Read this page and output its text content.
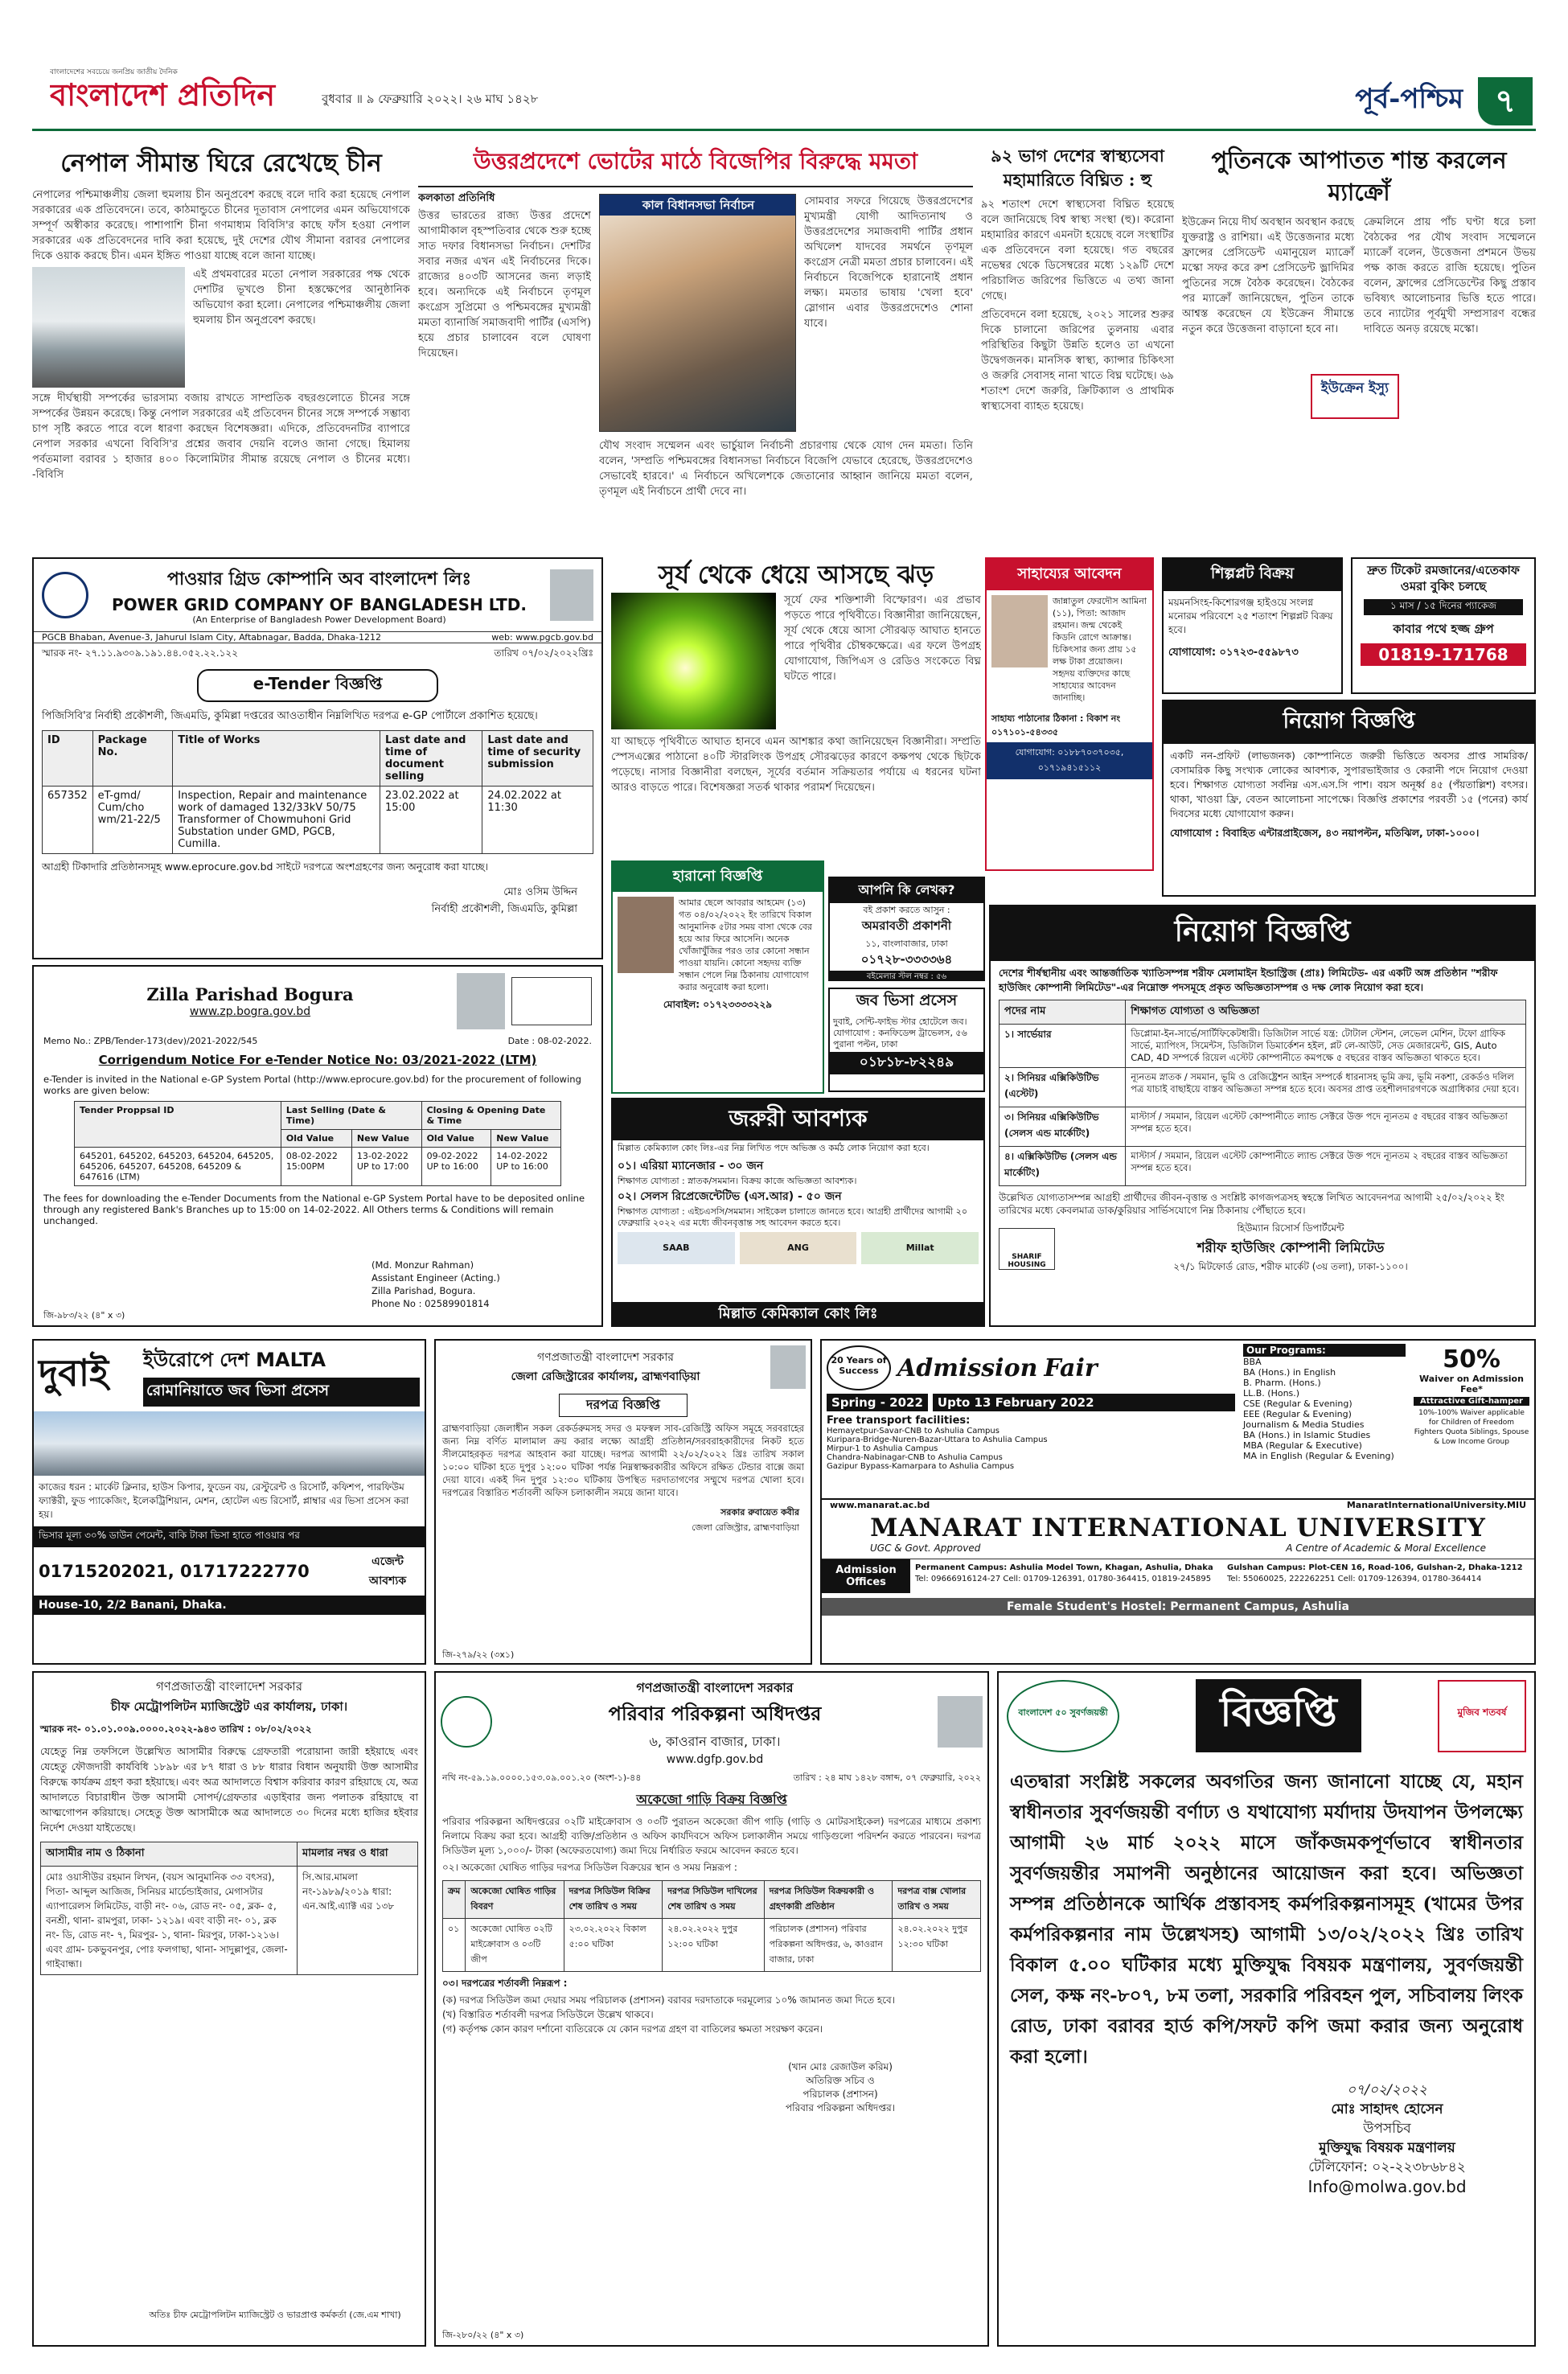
বাংলাদেশের সবচেয়ে জনপ্রিয় জাতীয় দৈনিক
বাংলাদেশ প্রতিদিন	বুধবার ॥ ৯ ফেব্রুয়ারি ২০২২। ২৬ মাঘ ১৪২৮	পূর্ব-পশ্চিম ৭
নেপাল সীমান্ত ঘিরে রেখেছে চীন
নেপালের পশ্চিমাঞ্চলীয় জেলা হুমলায় চীন অনুপ্রবেশ করছে বলে দাবি করা হয়েছে নেপাল সরকারের এক প্রতিবেদনে। তবে, কাঠমান্ডুতে চীনের দূতাবাস নেপালের এমন অভিযোগকে সম্পূর্ণ অস্বীকার করেছে। পাশাপাশি চীনা গণমাধ্যম বিবিসি'র কাছে ফাঁস হওয়া নেপাল সরকারের এক প্রতিবেদনের দাবি করা হয়েছে, দুই দেশের যৌথ সীমানা বরাবর নেপালের দিকে ওয়াক করছে চীন। এমন ইঙ্গিত পাওয়া যাচ্ছে বলে জানা যাচ্ছে।
এই প্রথমবারের মতো নেপাল সরকারের পক্ষ থেকে দেশটির ভূখণ্ডে চীনা হস্তক্ষেপের আনুষ্ঠানিক অভিযোগ করা হলো। নেপালের পশ্চিমাঞ্চলীয় জেলা হুমলায় চীন অনুপ্রবেশ করছে।
সঙ্গে দীর্ঘস্থায়ী সম্পর্কের ভারসাম্য বজায় রাখতে সাম্প্রতিক বছরগুলোতে চীনের সঙ্গে সম্পর্কের উন্নয়ন করেছে। কিন্তু নেপাল সরকারের এই প্রতিবেদন চীনের সঙ্গে সম্পর্কে সম্ভাব্য চাপ সৃষ্টি করতে পারে বলে ধারণা করছেন বিশেষজ্ঞরা। এদিকে, প্রতিবেদনটির ব্যাপারে নেপাল সরকার এখনো বিবিসি'র প্রশ্নের জবাব দেয়নি বলেও জানা গেছে। হিমালয় পর্বতমালা বরাবর ১ হাজার ৪০০ কিলোমিটার সীমান্ত রয়েছে নেপাল ও চীনের মধ্যে। -বিবিসি
উত্তরপ্রদেশে ভোটের মাঠে বিজেপির বিরুদ্ধে মমতা
কলকাতা প্রতিনিধি
উত্তর ভারতের রাজ্য উত্তর প্রদেশে আগামীকাল বৃহস্পতিবার থেকে শুরু হচ্ছে সাত দফার বিধানসভা নির্বাচন। দেশটির সবার নজর এখন এই নির্বাচনের দিকে। রাজ্যের ৪০৩টি আসনের জন্য লড়াই হবে। অন্যদিকে এই নির্বাচনে তৃণমূল কংগ্রেস সুপ্রিমো ও পশ্চিমবঙ্গের মুখ্যমন্ত্রী মমতা ব্যানার্জি সমাজবাদী পার্টির (এসপি) হয়ে প্রচার চালাবেন বলে ঘোষণা দিয়েছেন।
কাল বিধানসভা নির্বাচন	সোমবার সফরে গিয়েছে উত্তরপ্রদেশের মুখ্যমন্ত্রী যোগী আদিত্যনাথ ও উত্তরপ্রদেশের সমাজবাদী পার্টির প্রধান অখিলেশ যাদবের সমর্থনে তৃণমূল কংগ্রেস নেত্রী মমতা প্রচার চালাবেন। এই নির্বাচনে বিজেপিকে হারানোই প্রধান লক্ষ্য। মমতার ভাষায় 'খেলা হবে' স্লোগান এবার উত্তরপ্রদেশেও শোনা যাবে।
যৌথ সংবাদ সম্মেলন এবং ভার্চুয়াল নির্বাচনী প্রচারণায় থেকে যোগ দেন মমতা। তিনি বলেন, 'সম্প্রতি পশ্চিমবঙ্গের বিধানসভা নির্বাচনে বিজেপি যেভাবে হেরেছে, উত্তরপ্রদেশেও সেভাবেই হারবে।' এ নির্বাচনে অখিলেশকে জেতানোর আহ্বান জানিয়ে মমতা বলেন, তৃণমূল এই নির্বাচনে প্রার্থী দেবে না।
৯২ ভাগ দেশের স্বাস্থ্যসেবা মহামারিতে বিঘ্নিত : হু
৯২ শতাংশ দেশে স্বাস্থ্যসেবা বিঘ্নিত হয়েছে বলে জানিয়েছে বিশ্ব স্বাস্থ্য সংস্থা (হু)। করোনা মহামারির কারণে এমনটা হয়েছে বলে সংস্থাটির এক প্রতিবেদনে বলা হয়েছে। গত বছরের নভেম্বর থেকে ডিসেম্বরের মধ্যে ১২৯টি দেশে পরিচালিত জরিপের ভিত্তিতে এ তথ্য জানা গেছে।
প্রতিবেদনে বলা হয়েছে, ২০২১ সালের শুরুর দিকে চালানো জরিপের তুলনায় এবার পরিস্থিতির কিছুটা উন্নতি হলেও তা এখনো উদ্বেগজনক। মানসিক স্বাস্থ্য, ক্যান্সার চিকিৎসা ও জরুরি সেবাসহ নানা খাতে বিঘ্ন ঘটেছে। ৬৯ শতাংশ দেশে জরুরি, ক্রিটিক্যাল ও প্রাথমিক স্বাস্থ্যসেবা ব্যাহত হয়েছে।
পুতিনকে আপাতত শান্ত করলেন ম্যাক্রোঁ
ইউক্রেন নিয়ে দীর্ঘ অবস্থান অবস্থান করছে যুক্তরাষ্ট্র ও রাশিয়া। এই উত্তেজনার মধ্যে ফ্রান্সের প্রেসিডেন্ট এমানুয়েল ম্যাক্রোঁ মস্কো সফর করে রুশ প্রেসিডেন্ট ভ্লাদিমির পুতিনের সঙ্গে বৈঠক করেছেন। বৈঠকের পর ম্যাক্রোঁ জানিয়েছেন, পুতিন তাকে আশ্বস্ত করেছেন যে ইউক্রেন সীমান্তে নতুন করে উত্তেজনা বাড়ানো হবে না।
ক্রেমলিনে প্রায় পাঁচ ঘণ্টা ধরে চলা বৈঠকের পর যৌথ সংবাদ সম্মেলনে ম্যাক্রোঁ বলেন, উত্তেজনা প্রশমনে উভয় পক্ষ কাজ করতে রাজি হয়েছে। পুতিন বলেন, ফ্রান্সের প্রেসিডেন্টের কিছু প্রস্তাব ভবিষ্যৎ আলোচনার ভিত্তি হতে পারে। তবে ন্যাটোর পূর্বমুখী সম্প্রসারণ বন্ধের দাবিতে অনড় রয়েছে মস্কো।
ইউক্রেন ইস্যু
পাওয়ার গ্রিড কোম্পানি অব বাংলাদেশ লিঃ
POWER GRID COMPANY OF BANGLADESH LTD.
(An Enterprise of Bangladesh Power Development Board)
PGCB Bhaban, Avenue-3, Jahurul Islam City, Aftabnagar, Badda, Dhaka-1212	web: www.pgcb.gov.bd
স্মারক নং- ২৭.১১.৯৩০৯.১৯১.৪৪.০৫২.২২.১২২	তারিখ ০৭/০২/২০২২খ্রিঃ
e-Tender বিজ্ঞপ্তি
পিজিসিবি'র নির্বাহী প্রকৌশলী, জিএমডি, কুমিল্লা দপ্তরের আওতাধীন নিম্নলিখিত দরপত্র e-GP পোর্টালে প্রকাশিত হয়েছে।
ID	Package No.	Title of Works	Last date and time of document selling	Last date and time of security submission
657352	eT-gmd/ Cum/cho wm/21-22/5	Inspection, Repair and maintenance work of damaged 132/33kV 50/75 Transformer of Chowmuhoni Grid Substation under GMD, PGCB, Cumilla.	23.02.2022 at 15:00	24.02.2022 at 11:30
আগ্রহী টিকাদারি প্রতিষ্ঠানসমূহ www.eprocure.gov.bd সাইটে দরপত্রে অংশগ্রহণের জন্য অনুরোধ করা যাচ্ছে।
মোঃ ওসিম উদ্দিন
নির্বাহী প্রকৌশলী, জিএমডি, কুমিল্লা
সূর্য থেকে ধেয়ে আসছে ঝড়
সূর্যে ফের শক্তিশালী বিস্ফোরণ। এর প্রভাব পড়তে পারে পৃথিবীতে। বিজ্ঞানীরা জানিয়েছেন, সূর্য থেকে ধেয়ে আসা সৌরঝড় আঘাত হানতে পারে পৃথিবীর চৌম্বকক্ষেত্রে। এর ফলে উপগ্রহ যোগাযোগ, জিপিএস ও রেডিও সংকেতে বিঘ্ন ঘটতে পারে।
যা আছড়ে পৃথিবীতে আঘাত হানবে এমন আশঙ্কার কথা জানিয়েছেন বিজ্ঞানীরা। সম্প্রতি স্পেসএক্সের পাঠানো ৪০টি স্টারলিংক উপগ্রহ সৌরঝড়ের কারণে কক্ষপথ থেকে ছিটকে পড়েছে। নাসার বিজ্ঞানীরা বলছেন, সূর্যের বর্তমান সক্রিয়তার পর্যায়ে এ ধরনের ঘটনা আরও বাড়তে পারে। বিশেষজ্ঞরা সতর্ক থাকার পরামর্শ দিয়েছেন।
সাহায্যের আবেদন
জান্নাতুল ফেরদৌস আমিনা (১১), পিতা: আজাদ রহমান। জন্ম থেকেই কিডনি রোগে আক্রান্ত। চিকিৎসার জন্য প্রায় ১৫ লক্ষ টাকা প্রয়োজন। সহৃদয় ব্যক্তিদের কাছে সাহায্যের আবেদন জানাচ্ছি।
সাহায্য পাঠানোর ঠিকানা : বিকাশ নং ০১৭১০১-৫৪৩৩৫
যোগাযোগ: ০১৮৮৭০৩৭০৩৫, ০১৭১৯৪১৫১১২
শিল্পপ্লট বিক্রয়
ময়মনসিংহ-কিশোরগঞ্জ হাইওয়ে সংলগ্ন মনোরম পরিবেশে ২৫ শতাংশ শিল্পপ্লট বিক্রয় হবে।
যোগাযোগ: ০১৭২৩-৫৫৯৮৭৩
দ্রুত টিকেট রমজানের/এতেকাফ ওমরা বুকিং চলছে
১ মাস / ১৫ দিনের প্যাকেজ
কাবার পথে হজ্জ গ্রুপ
01819-171768
নিয়োগ বিজ্ঞপ্তি
একটি নন-প্রফিট (লাভজনক) কোম্পানিতে জরুরী ভিত্তিতে অবসর প্রাপ্ত সামরিক/বেসামরিক কিছু সংখ্যক লোকের আবশ্যক, সুপারভাইজার ও কেরানী পদে নিয়োগ দেওয়া হবে। শিক্ষাগত যোগ্যতা সর্বনিম্ন এস.এস.সি পাশ। বয়স অনূর্ধ্ব ৪৫ (পঁয়তাল্লিশ) বৎসর। থাকা, খাওয়া ফ্রি, বেতন আলোচনা সাপেক্ষে। বিজ্ঞপ্তি প্রকাশের পরবর্তী ১৫ (পনের) কার্য দিবসের মধ্যে যোগাযোগ করুন।
যোগাযোগ : বিবাহিত এন্টারপ্রাইজেস, ৪৩ নয়াপল্টন, মতিঝিল, ঢাকা-১০০০।
হারানো বিজ্ঞপ্তি
আমার ছেলে আবরার আহমেদ (১৩) গত ০৪/০২/২০২২ ইং তারিখে বিকাল আনুমানিক ৫টার সময় বাসা থেকে বের হয়ে আর ফিরে আসেনি। অনেক খোঁজাখুঁজির পরও তার কোনো সন্ধান পাওয়া যায়নি। কোনো সহৃদয় ব্যক্তি সন্ধান পেলে নিম্ন ঠিকানায় যোগাযোগ করার অনুরোধ করা হলো।
মোবাইল: ০১৭২৩৩৩৩২২৯
আপনি কি লেখক?
বই প্রকাশ করতে আসুন :
অমরাবতী প্রকাশনী
১১, বাংলাবাজার, ঢাকা
০১৭২৮-৩৩৩৩৬৪
বইমেলার স্টল নম্বর : ৫৬
জব ভিসা প্রসেস
দুবাই, সেন্টি-ফাইভ স্টার হোটেলে জব। যোগাযোগ : কনফিডেন্স ট্রাভেলস, ৫৬ পুরানা পল্টন, ঢাকা
০১৮১৮-৮২২৪৯
Zilla Parishad Bogura
www.zp.bogra.gov.bd
Memo No.: ZPB/Tender-173(dev)/2021-2022/545	Date : 08-02-2022.
Corrigendum Notice For e-Tender Notice No: 03/2021-2022 (LTM)
e-Tender is invited in the National e-GP System Portal (http://www.eprocure.gov.bd) for the procurement of following works are given below:
Tender Proppsal ID	Last Selling (Date & Time)		Closing & Opening Date & Time	
	Old Value	New Value	Old Value	New Value
645201, 645202, 645203, 645204, 645205, 645206, 645207, 645208, 645209 & 647616 (LTM)	08-02-2022 15:00PM	13-02-2022 UP to 17:00	09-02-2022 UP to 16:00	14-02-2022 UP to 16:00
The fees for downloading the e-Tender Documents from the National e-GP System Portal have to be deposited online through any registered Bank's Branches up to 15:00 on 14-02-2022. All Others terms & Conditions will remain unchanged.
(Md. Monzur Rahman)
Assistant Engineer (Acting.)
Zilla Parishad, Bogura.
Phone No : 02589901814
জি-৯৮৩/২২ (৪" x ৩)
জরুরী আবশ্যক
মিল্লাত কেমিক্যাল কোং লিঃ-এর নিম্ন লিখিত পদে অভিজ্ঞ ও কর্মঠ লোক নিয়োগ করা হবে।
০১। এরিয়া ম্যানেজার - ৩০ জন
শিক্ষাগত যোগ্যতা : স্নাতক/সমমান। বিক্রয় কাজে অভিজ্ঞতা আবশ্যক।
০২। সেলস রিপ্রেজেন্টেটিভ (এস.আর) - ৫০ জন
শিক্ষাগত যোগ্যতা : এইচএসসি/সমমান। সাইকেল চালাতে জানতে হবে। আগ্রহী প্রার্থীদের আগামী ২০ ফেব্রুয়ারি ২০২২ এর মধ্যে জীবনবৃত্তান্ত সহ আবেদন করতে হবে।
SAAB	ANG	Millat
মিল্লাত কেমিক্যাল কোং লিঃ
নিয়োগ বিজ্ঞপ্তি
দেশের শীর্ষস্থানীয় এবং আন্তর্জাতিক খ্যাতিসম্পন্ন শরীফ মেলামাইন ইন্ডাস্ট্রিজ (প্রাঃ) লিমিটেড- এর একটি অঙ্গ প্রতিষ্ঠান "শরীফ হাউজিং কোম্পানী লিমিটেড"-এর নিম্নোক্ত পদসমূহে প্রকৃত অভিজ্ঞতাসম্পন্ন ও দক্ষ লোক নিয়োগ করা হবে।
পদের নাম	শিক্ষাগত যোগ্যতা ও অভিজ্ঞতা
১। সার্ভেয়ার	ডিপ্লোমা-ইন-সার্ভে/সার্টিফিকেটধারী। ডিজিটাল সার্ভে যন্ত্র: টোটাল স্টেশন, লেভেল মেশিন, টফো গ্রাফিক সার্ভে, ম্যাপিংস, সিমেন্টস, ডিজিটাল ডিমার্কেশন হইল, প্লট লে-আউট, সেড মেজারমেন্ট, GIS, Auto CAD, 4D সম্পর্কে রিয়েল এস্টেট কোম্পানীতে কমপক্ষে ৫ বছরের বাস্তব অভিজ্ঞতা থাকতে হবে।
২। সিনিয়র এক্সিকিউটিভ (এস্টেট)	ন্যূনতম স্নাতক / সমমান, ভূমি ও রেজিষ্ট্রেশন আইন সম্পর্কে ধারনাসহ ভূমি ক্রয়, ভূমি নকশা, রেকর্ডও দলিল পত্র যাচাই বাছাইয়ে বাস্তব অভিজ্ঞতা সম্পন্ন হতে হবে। অবসর প্রাপ্ত তহশীলদারগণকে অগ্রাধিকার দেয়া হবে।
৩। সিনিয়র এক্সিকিউটিভ (সেলস এন্ড মার্কেটিং)	মাস্টার্স / সমমান, রিয়েল এস্টেট কোম্পানীতে ল্যান্ড সেক্টরে উক্ত পদে ন্যূনতম ৫ বছরের বাস্তব অভিজ্ঞতা সম্পন্ন হতে হবে।
৪। এক্সিকিউটিভ (সেলস এন্ড মার্কেটিং)	মাস্টার্স / সমমান, রিয়েল এস্টেট কোম্পানীতে ল্যান্ড সেক্টরে উক্ত পদে ন্যূনতম ২ বছরের বাস্তব অভিজ্ঞতা সম্পন্ন হতে হবে।
উল্লেখিত যোগ্যতাসম্পন্ন আগ্রহী প্রার্থীদের জীবন-বৃত্তান্ত ও সংশ্লিষ্ট কাগজপত্রসহ স্বহস্তে লিখিত আবেদনপত্র আগামী ২৫/০২/২০২২ ইং তারিখের মধ্যে কেবলমাত্র ডাক/কুরিয়ার সার্ভিসযোগে নিম্ন ঠিকানায় পৌঁছাতে হবে।
SHARIF HOUSING
হিউম্যান রিসোর্স ডিপার্টমেন্ট
শরীফ হাউজিং কোম্পানী লিমিটেড
২৭/১ মিটফোর্ড রোড, শরীফ মার্কেট (৩য় তলা), ঢাকা-১১০০।
দুবাই	ইউরোপে দেশ MALTA
রোমানিয়াতে জব ভিসা প্রসেস
কাজের ধরন : মার্কেট ক্লিনার, হাউস কিপার, ফুডেন বয়, রেস্টুরেন্ট ও রিসোর্ট, কফিশপ, পারফিউম ফ্যাক্টরী, ফুড প্যাকেজিং, ইলেকট্রিশিয়ান, মেশন, হোটেল এন্ড রিসোর্ট, প্লাম্বার এর ভিসা প্রসেস করা হয়।
ভিসার মূল্য ৩০% ডাউন পেমেন্ট, বাকি টাকা ভিসা হাতে পাওয়ার পর
01715202021, 01717222770	এজেন্ট আবশ্যক
House-10, 2/2 Banani, Dhaka.
গণপ্রজাতন্ত্রী বাংলাদেশ সরকার
জেলা রেজিস্ট্রারের কার্যালয়, ব্রাহ্মণবাড়িয়া
দরপত্র বিজ্ঞপ্তি
ব্রাহ্মণবাড়িয়া জেলাধীন সকল রেকর্ডরুমসহ সদর ও মফস্বল সাব-রেজিস্ট্রি অফিস সমূহে সরবরাহের জন্য নিম্ন বর্ণিত মালামাল ক্রয় করার লক্ষ্যে আগ্রহী প্রতিষ্ঠান/সরবরাহকারীদের নিকট হতে সীলমোহরকৃত দরপত্র আহবান করা যাচ্ছে। দরপত্র আগামী ২২/০২/২০২২ খ্রিঃ তারিখ সকাল ১০:০০ ঘটিকা হতে দুপুর ১২:০০ ঘটিকা পর্যন্ত নিম্নস্বাক্ষরকারীর অফিসে রক্ষিত টেন্ডার বাক্সে জমা দেয়া যাবে। একই দিন দুপুর ১২:৩০ ঘটিকায় উপস্থিত দরদাতাগণের সম্মুখে দরপত্র খোলা হবে। দরপত্রের বিস্তারিত শর্তাবলী অফিস চলাকালীন সময়ে জানা যাবে।
সরকার রুবায়েত কবীর
জেলা রেজিস্ট্রার, ব্রাহ্মণবাড়িয়া
জি-২৭৯/২২ (৩x১)
20 Years of Success Admission Fair
Spring - 2022	Upto 13 February 2022
Free transport facilities:
Hemayetpur-Savar-CNB to Ashulia Campus
Kuripara-Bridge-Nuren-Bazar-Uttara to Ashulia Campus
Mirpur-1 to Ashulia Campus
Chandra-Nabinagar-CNB to Ashulia Campus
Gazipur Bypass-Kamarpara to Ashulia Campus
Our Programs:
BBA
BA (Hons.) in English
B. Pharm. (Hons.)
LL.B. (Hons.)
CSE (Regular & Evening)
EEE (Regular & Evening)
Journalism & Media Studies
BA (Hons.) in Islamic Studies
MBA (Regular & Executive)
MA in English (Regular & Evening)
50%
Waiver on Admission Fee*
Attractive Gift-hamper
10%-100% Waiver applicable for Children of Freedom Fighters Quota Siblings, Spouse & Low Income Group
www.manarat.ac.bd	ManaratInternationalUniversity.MIU
MANARAT INTERNATIONAL UNIVERSITY
UGC & Govt. Approved	A Centre of Academic & Moral Excellence
Admission Offices
Permanent Campus: Ashulia Model Town, Khagan, Ashulia, Dhaka
Tel: 09666916124-27 Cell: 01709-126391, 01780-364415, 01819-245895
Gulshan Campus: Plot-CEN 16, Road-106, Gulshan-2, Dhaka-1212
Tel: 55060025, 222262251 Cell: 01709-126394, 01780-364414
Female Student's Hostel: Permanent Campus, Ashulia
গণপ্রজাতন্ত্রী বাংলাদেশ সরকার
চীফ মেট্রোপলিটন ম্যাজিস্ট্রেট এর কার্যালয়, ঢাকা।
স্মারক নং- ০১.০১.০০৯.০০০০.২০২২-৯৪৩ তারিখ : ০৮/০২/২০২২
যেহেতু নিম্ন তফসিলে উল্লেখিত আসামীর বিরুদ্ধে গ্রেফতারী পরোয়ানা জারী হইয়াছে এবং যেহেতু ফৌজদারী কার্যবিধি ১৮৯৮ এর ৮৭ ধারা ও ৮৮ ধারার বিধান অনুযায়ী উক্ত আসামীর বিরুদ্ধে কার্যক্রম গ্রহণ করা হইয়াছে। এবং অত্র আদালতে বিশ্বাস করিবার কারণ রহিয়াছে যে, অত্র আদালতে বিচারাধীন উক্ত আসামী সোপর্দ/গ্রেফতার এড়াইবার জন্য পলাতক রহিয়াছে বা আত্মগোপন করিয়াছে। সেহেতু উক্ত আসামীকে অত্র আদালতে ৩০ দিনের মধ্যে হাজির হইবার নির্দেশ দেওয়া যাইতেছে।
আসামীর নাম ও ঠিকানা	মামলার নম্বর ও ধারা
মোঃ ওয়াসীউর রহমান লিখন, (বয়স আনুমানিক ৩৩ বৎসর), পিতা- আব্দুল আজিজ, সিনিয়র মার্চেন্ডাইজার, মেগাসটার এ্যাপারেলস লিমিটেড, বাড়ী নং- ০৬, রোড নং- ০৫, ব্লক- ৫, বনশ্রী, থানা- রামপুরা, ঢাকা- ১২১৯। এবং বাড়ী নং- ০১, ব্লক নং- ডি, রোড নং- ৭, মিরপুর- ১, থানা- মিরপুর, ঢাকা-১২১৬। এবং গ্রাম- চকভুবনপুর, পোঃ ফলগাছা, থানা- সাদুল্লাপুর, জেলা- গাইবান্ধা।	সি.আর.মামলা নং-১৯৮৯/২০১৯ ধারা: এন.আই.এ্যাক্ট এর ১৩৮
অতিঃ চীফ মেট্রোপলিটন ম্যাজিস্ট্রেট ও ভারপ্রাপ্ত কর্মকর্তা (জে.এম শাখা)
গণপ্রজাতন্ত্রী বাংলাদেশ সরকার
পরিবার পরিকল্পনা অধিদপ্তর
৬, কাওরান বাজার, ঢাকা।
www.dgfp.gov.bd
নথি নং-৫৯.১৯.০০০০.১৫৩.০৯.০০১.২০ (অংশ-১)-৪৪	তারিখ : ২৪ মাঘ ১৪২৮ বঙ্গাব্দ, ০৭ ফেব্রুয়ারি, ২০২২
অকেজো গাড়ি বিক্রয় বিজ্ঞপ্তি
পরিবার পরিকল্পনা অধিদপ্তরের ০২টি মাইক্রোবাস ও ০৩টি পুরাতন অকেজো জীপ গাড়ি (গাড়ি ও মোটরসাইকেল) দরপত্রের মাধ্যমে প্রকাশ্য নিলামে বিক্রয় করা হবে। আগ্রহী ব্যক্তি/প্রতিষ্ঠান ও অফিস কার্যদিবসে অফিস চলাকালীন সময়ে গাড়িগুলো পরিদর্শন করতে পারবেন। দরপত্র সিডিউল মূল্য ১,০০০/- টাকা (অফেরতযোগ্য) জমা দিয়ে নির্ধারিত ফরমে আবেদন করতে হবে।
০২। অকেজো ঘোষিত গাড়ির দরপত্র সিডিউল বিক্রয়ের স্থান ও সময় নিম্নরূপ :
ক্রম	অকেজো ঘোষিত গাড়ির বিবরণ	দরপত্র সিডিউল বিক্রির শেষ তারিখ ও সময়	দরপত্র সিডিউল দাখিলের শেষ তারিখ ও সময়	দরপত্র সিডিউল বিক্রয়কারী ও গ্রহণকারী প্রতিষ্ঠান	দরপত্র বাক্স খোলার তারিখ ও সময়
০১	অকেজো ঘোষিত ০২টি মাইক্রোবাস ও ০৩টি জীপ	২৩.০২.২০২২ বিকাল ৫:০০ ঘটিকা	২৪.০২.২০২২ দুপুর ১২:০০ ঘটিকা	পরিচালক (প্রশাসন) পরিবার পরিকল্পনা অধিদপ্তর, ৬, কাওরান বাজার, ঢাকা	২৪.০২.২০২২ দুপুর ১২:৩০ ঘটিকা
০৩। দরপত্রের শর্তাবলী নিম্নরূপ :
(ক) দরপত্র সিডিউল জমা দেয়ার সময় পরিচালক (প্রশাসন) বরাবর দরদাতাকে দরমূল্যের ১০% জামানত জমা দিতে হবে।
(খ) বিস্তারিত শর্তাবলী দরপত্র সিডিউলে উল্লেখ থাকবে।
(গ) কর্তৃপক্ষ কোন কারণ দর্শানো ব্যতিরেকে যে কোন দরপত্র গ্রহণ বা বাতিলের ক্ষমতা সংরক্ষণ করেন।
(খান মোঃ রেজাউল করিম)
অতিরিক্ত সচিব ও
পরিচালক (প্রশাসন)
পরিবার পরিকল্পনা অধিদপ্তর।
জি-২৮০/২২ (৪" x ৩)
বাংলাদেশ ৫০ সুবর্ণজয়ন্তী	বিজ্ঞপ্তি	মুজিব শতবর্ষ
এতদ্বারা সংশ্লিষ্ট সকলের অবগতির জন্য জানানো যাচ্ছে যে, মহান স্বাধীনতার সুবর্ণজয়ন্তী বর্ণাঢ্য ও যথাযোগ্য মর্যাদায় উদযাপন উপলক্ষ্যে আগামী ২৬ মার্চ ২০২২ মাসে জাঁকজমকপূর্ণভাবে স্বাধীনতার সুবর্ণজয়ন্তীর সমাপনী অনুষ্ঠানের আয়োজন করা হবে। অভিজ্ঞতা সম্পন্ন প্রতিষ্ঠানকে আর্থিক প্রস্তাবসহ কর্মপরিকল্পনাসমূহ (খামের উপর কর্মপরিকল্পনার নাম উল্লেখসহ) আগামী ১৩/০২/২০২২ খ্রিঃ তারিখ বিকাল ৫.০০ ঘটিকার মধ্যে মুক্তিযুদ্ধ বিষয়ক মন্ত্রণালয়, সুবর্ণজয়ন্তী সেল, কক্ষ নং-৮০৭, ৮ম তলা, সরকারি পরিবহন পুল, সচিবালয় লিংক রোড, ঢাকা বরাবর হার্ড কপি/সফট কপি জমা করার জন্য অনুরোধ করা হলো।
০৭/০২/২০২২
মোঃ সাহাদৎ হোসেন
উপসচিব
মুক্তিযুদ্ধ বিষয়ক মন্ত্রণালয়
টেলিফোন: ০২-২২৩৮৬৮৪২
Info@molwa.gov.bd
